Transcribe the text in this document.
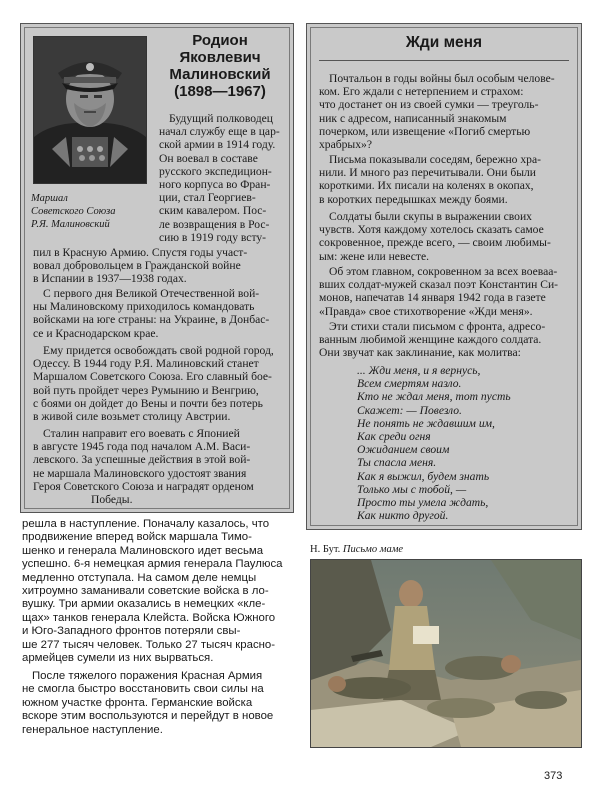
Маршал
Советского Союза
Р.Я. Малиновский
Родион
Яковлевич
Малиновский
(1898—1967)
Будущий полководец
начал службу еще в цар-
ской армии в 1914 году.
Он воевал в составе
русского экспедицион-
ного корпуса во Фран-
ции, стал Георгиев-
ским кавалером. Пос-
ле возвращения в Рос-
сию в 1919 году всту-
пил в Красную Армию. Спустя годы участ-
вовал добровольцем в Гражданской войне
в Испании в 1937—1938 годах.
С первого дня Великой Отечественной вой-
ны Малиновскому приходилось командовать
войсками на юге страны: на Украине, в Донбас-
се и Краснодарском крае.
Ему придется освобождать свой родной город,
Одессу. В 1944 году Р.Я. Малиновский станет
Маршалом Советского Союза. Его славный бое-
вой путь пройдет через Румынию и Венгрию,
с боями он дойдет до Вены и почти без потерь
в живой силе возьмет столицу Австрии.
Сталин направит его воевать с Японией
в августе 1945 года под началом А.М. Васи-
левского. За успешные действия в этой вой-
не маршала Малиновского удостоят звания
Героя Советского Союза и наградят орденом
Победы.
Жди меня
Почтальон в годы войны был особым челове-
ком. Его ждали с нетерпением и страхом:
что достанет он из своей сумки — треуголь-
ник с адресом, написанный знакомым
почерком, или извещение «Погиб смертью
храбрых»?
Письма показывали соседям, бережно хра-
нили. И много раз перечитывали. Они были
короткими. Их писали на коленях в окопах,
в коротких передышках между боями.
Солдаты были скупы в выражении своих
чувств. Хотя каждому хотелось сказать самое
сокровенное, прежде всего, — своим любимы-
ым: жене или невесте.
Об этом главном, сокровенном за всех воеваа-
вших солдат-мужей сказал поэт Константин Си-
монов, напечатав 14 января 1942 года в газете
«Правда» свое стихотворение «Жди меня».
Эти стихи стали письмом с фронта, адресо-
ванным любимой женщине каждого солдата.
Они звучат как заклинание, как молитва:
... Жди меня, и я вернусь,
Всем смертям назло.
Кто не ждал меня, тот пусть
Скажет: — Повезло.
Не понять не ждавшим им,
Как среди огня
Ожиданием своим
Ты спасла меня.
Как я выжил, будем знать
Только мы с тобой, —
Просто ты умела ждать,
Как никто другой.
решла в наступление. Поначалу казалось, что
продвижение вперед войск маршала Тимо-
шенко и генерала Малиновского идет весьма
успешно. 6-я немецкая армия генерала Паулюса
медленно отступала. На самом деле немцы
хитроумно заманивали советские войска в ло-
вушку. Три армии оказались в немецких «кле-
щах» танков генерала Клейста. Войска Южного
и Юго-Западного фронтов потеряли свы-
ше 277 тысяч человек. Только 27 тысяч красно-
армейцев сумели из них вырваться.
После тяжелого поражения Красная Армия
не смогла быстро восстановить свои силы на
южном участке фронта. Германские войска
вскоре этим воспользуются и перейдут в новое
генеральное наступление.
Н. Бут. Письмо маме
373
